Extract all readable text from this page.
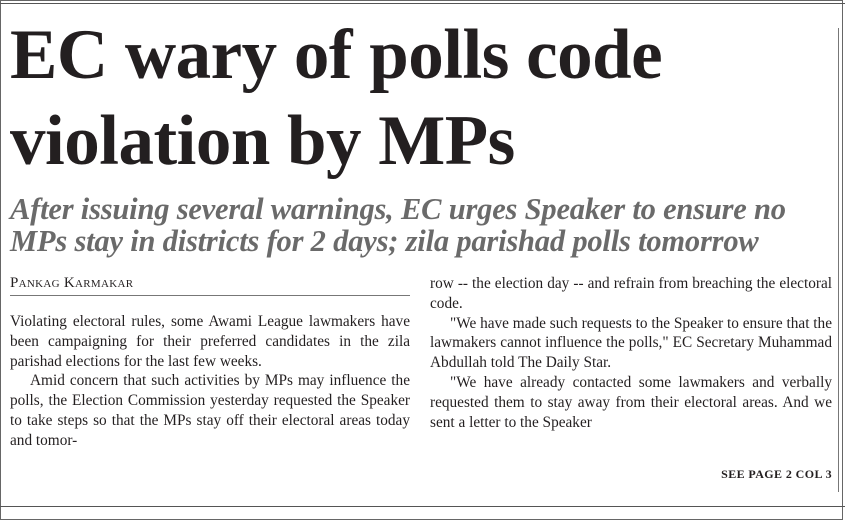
EC wary of polls code violation by MPs
After issuing several warnings, EC urges Speaker to ensure no MPs stay in districts for 2 days; zila parishad polls tomorrow
Pankag Karmakar

Violating electoral rules, some Awami League lawmakers have been campaigning for their preferred candidates in the zila parishad elections for the last few weeks.

Amid concern that such activities by MPs may influence the polls, the Election Commission yesterday requested the Speaker to take steps so that the MPs stay off their electoral areas today and tomor-

row -- the election day -- and refrain from breaching the electoral code.

"We have made such requests to the Speaker to ensure that the lawmakers cannot influence the polls," EC Secretary Muhammad Abdullah told The Daily Star.

"We have already contacted some lawmakers and verbally requested them to stay away from their electoral areas. And we sent a letter to the Speaker

SEE PAGE 2 COL 3
